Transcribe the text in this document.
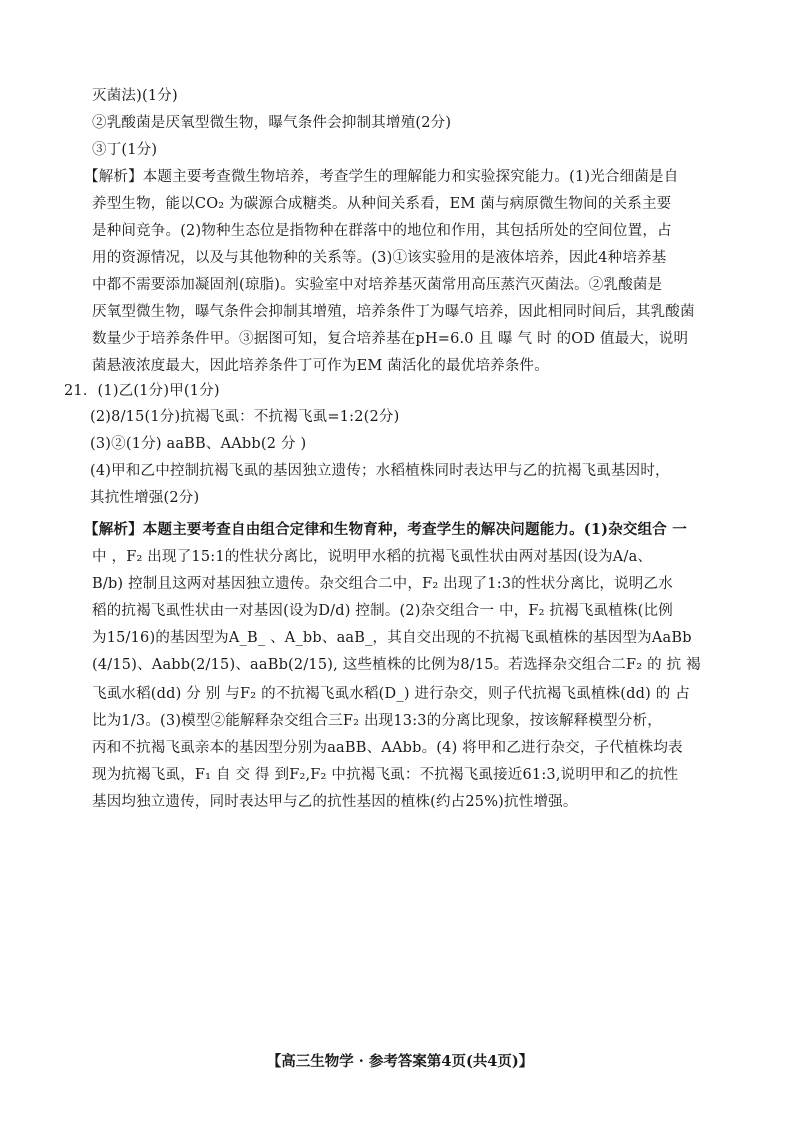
灭菌法)(1分)
②乳酸菌是厌氧型微生物，曝气条件会抑制其增殖(2分)
③丁(1分)
【解析】本题主要考查微生物培养，考查学生的理解能力和实验探究能力。(1)光合细菌是自
养型生物，能以CO₂ 为碳源合成糖类。从种间关系看，EM 菌与病原微生物间的关系主要
是种间竞争。(2)物种生态位是指物种在群落中的地位和作用，其包括所处的空间位置，占
用的资源情况，以及与其他物种的关系等。(3)①该实验用的是液体培养，因此4种培养基
中都不需要添加凝固剂(琼脂)。实验室中对培养基灭菌常用高压蒸汽灭菌法。②乳酸菌是
厌氧型微生物，曝气条件会抑制其增殖，培养条件丁为曝气培养，因此相同时间后，其乳酸菌
数量少于培养条件甲。③据图可知，复合培养基在pH=6.0 且 曝 气 时 的OD 值最大，说明
菌悬液浓度最大，因此培养条件丁可作为EM 菌活化的最优培养条件。
21．(1)乙(1分)甲(1分)
(2)8/15(1分)抗褐飞虱：不抗褐飞虱=1:2(2分)
(3)②(1分) aaBB、AAbb(2 分 )
(4)甲和乙中控制抗褐飞虱的基因独立遗传；水稻植株同时表达甲与乙的抗褐飞虱基因时，
其抗性增强(2分)
【解析】本题主要考查自由组合定律和生物育种，考查学生的解决问题能力。(1)杂交组合 一
中 ，F₂ 出现了15:1的性状分离比，说明甲水稻的抗褐飞虱性状由两对基因(设为A/a、
B/b) 控制且这两对基因独立遗传。杂交组合二中，F₂ 出现了1:3的性状分离比，说明乙水
稻的抗褐飞虱性状由一对基因(设为D/d) 控制。(2)杂交组合一 中，F₂ 抗褐飞虱植株(比例
为15/16)的基因型为A_B_ 、A_bb、aaB_，其自交出现的不抗褐飞虱植株的基因型为AaBb
(4/15)、Aabb(2/15)、aaBb(2/15), 这些植株的比例为8/15。若选择杂交组合二F₂ 的 抗 褐
飞虱水稻(dd) 分 别 与F₂ 的不抗褐飞虱水稻(D_) 进行杂交，则子代抗褐飞虱植株(dd) 的 占
比为1/3。(3)模型②能解释杂交组合三F₂ 出现13:3的分离比现象，按该解释模型分析，
丙和不抗褐飞虱亲本的基因型分别为aaBB、AAbb。(4) 将甲和乙进行杂交，子代植株均表
现为抗褐飞虱，F₁ 自 交 得 到F₂,F₂ 中抗褐飞虱：不抗褐飞虱接近61:3,说明甲和乙的抗性
基因均独立遗传，同时表达甲与乙的抗性基因的植株(约占25%)抗性增强。
【高三生物学 · 参考答案第4页(共4页)】
